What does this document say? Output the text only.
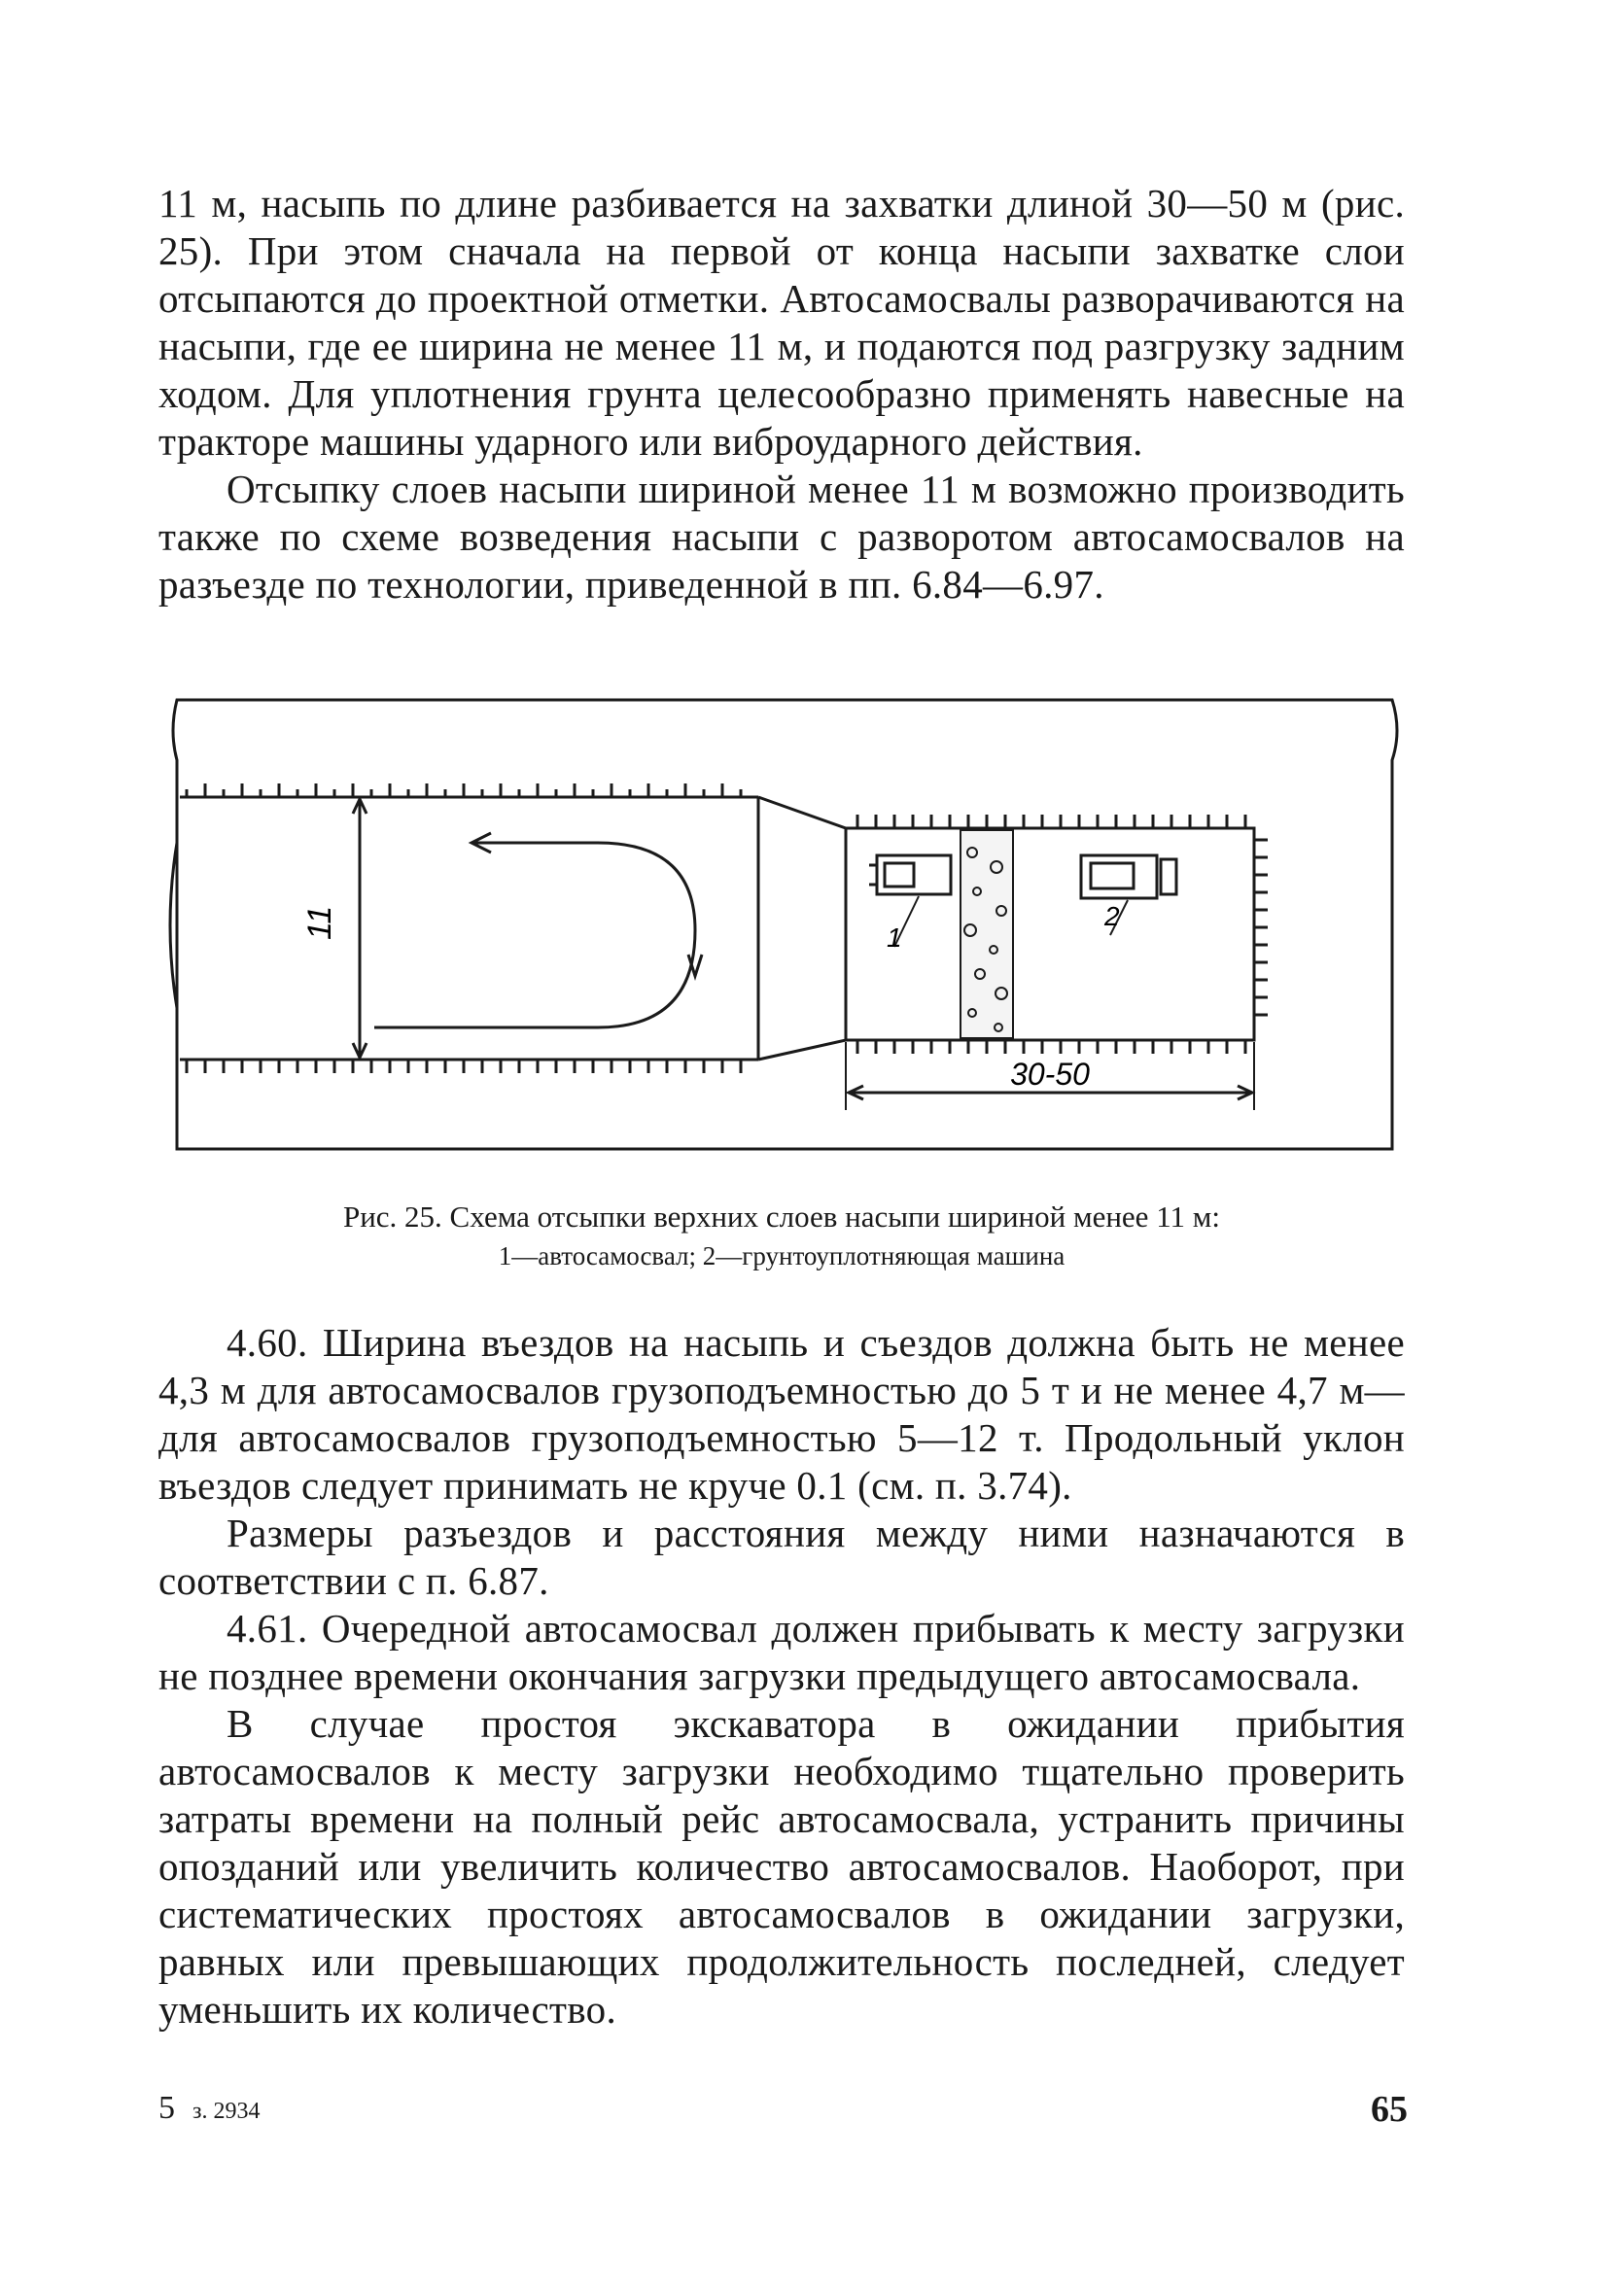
11 м, насыпь по длине разбивается на захватки длиной 30—50 м (рис. 25). При этом сначала на первой от конца насыпи захватке слои отсыпаются до проектной отметки. Автосамосвалы разворачиваются на насыпи, где ее ширина не менее 11 м, и подаются под разгрузку задним ходом. Для уплотнения грунта целесообразно применять навесные на тракторе машины ударного или виброударного действия.

Отсыпку слоев насыпи шириной менее 11 м возможно производить также по схеме возведения насыпи с разворотом автосамосвалов на разъезде по технологии, приведенной в пп. 6.84—6.97.

11	1
2
30-50
Рис. 25. Схема отсыпки верхних слоев насыпи шириной менее 11 м:
1—автосамосвал; 2—грунтоуплотняющая машина

4.60. Ширина въездов на насыпь и съездов должна быть не менее 4,3 м для автосамосвалов грузоподъемностью до 5 т и не менее 4,7 м—для автосамосвалов грузоподъемностью 5—12 т. Продольный уклон въездов следует принимать не круче 0.1 (см. п. 3.74).

Размеры разъездов и расстояния между ними назначаются в соответствии с п. 6.87.

4.61. Очередной автосамосвал должен прибывать к месту загрузки не позднее времени окончания загрузки предыдущего автосамосвала.

В случае простоя экскаватора в ожидании прибытия автосамосвалов к месту загрузки необходимо тщательно проверить затраты времени на полный рейс автосамосвала, устранить причины опозданий или увеличить количество автосамосвалов. Наоборот, при систематических простоях автосамосвалов в ожидании загрузки, равных или превышающих продолжительность последней, следует уменьшить их количество.

5 з. 2934	65
